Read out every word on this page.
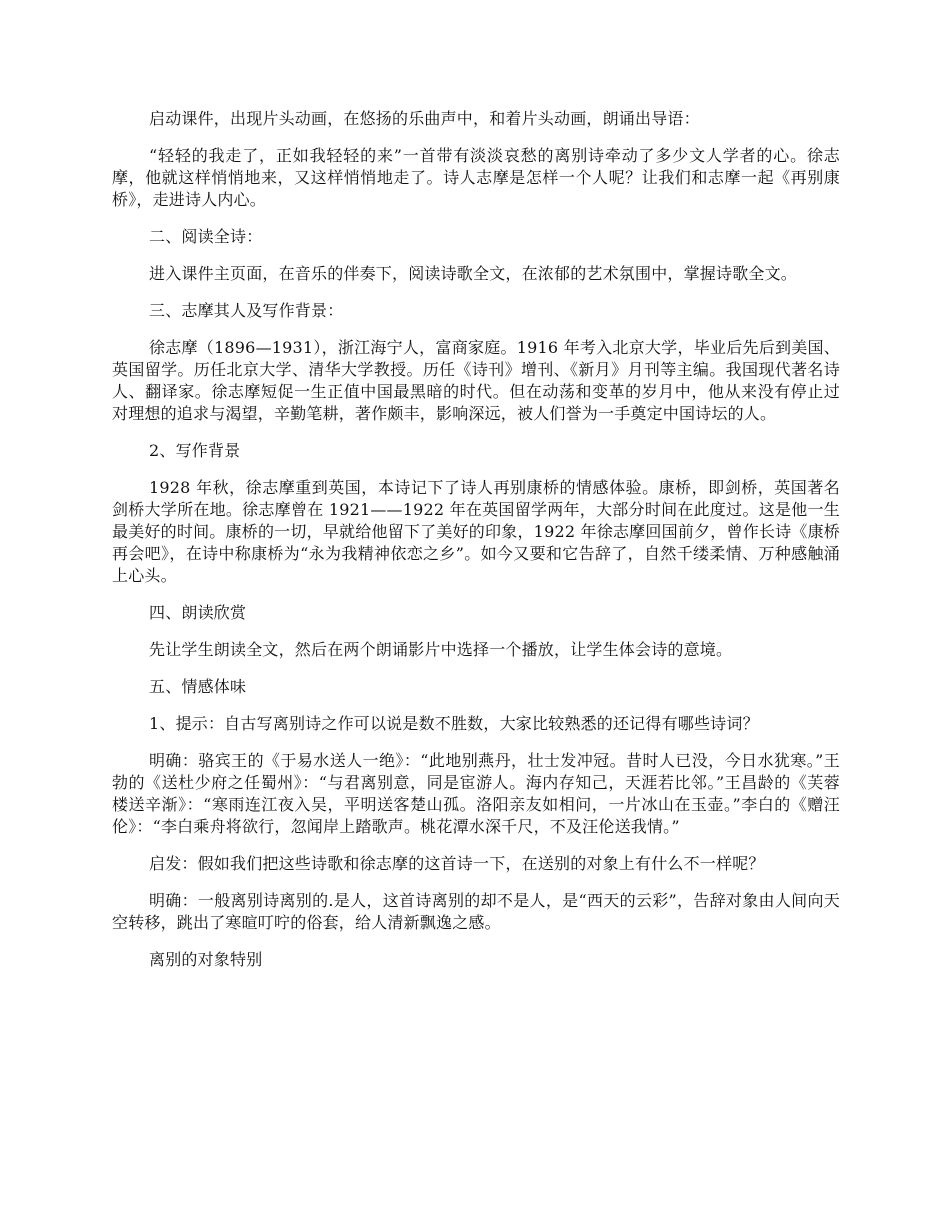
启动课件，出现片头动画，在悠扬的乐曲声中，和着片头动画，朗诵出导语：

“轻轻的我走了，正如我轻轻的来”一首带有淡淡哀愁的离别诗牵动了多少文人学者的心。徐志摩，他就这样悄悄地来，又这样悄悄地走了。诗人志摩是怎样一个人呢？让我们和志摩一起《再别康桥》，走进诗人内心。

二、阅读全诗：

进入课件主页面，在音乐的伴奏下，阅读诗歌全文，在浓郁的艺术氛围中，掌握诗歌全文。

三、志摩其人及写作背景：

徐志摩（1896—1931），浙江海宁人，富商家庭。1916 年考入北京大学，毕业后先后到美国、英国留学。历任北京大学、清华大学教授。历任《诗刊》增刊、《新月》月刊等主编。我国现代著名诗人、翻译家。徐志摩短促一生正值中国最黑暗的时代。但在动荡和变革的岁月中，他从来没有停止过对理想的追求与渴望，辛勤笔耕，著作颇丰，影响深远，被人们誉为一手奠定中国诗坛的人。

2、写作背景

1928 年秋，徐志摩重到英国，本诗记下了诗人再别康桥的情感体验。康桥，即剑桥，英国著名剑桥大学所在地。徐志摩曾在 1921——1922 年在英国留学两年，大部分时间在此度过。这是他一生最美好的时间。康桥的一切，早就给他留下了美好的印象，1922 年徐志摩回国前夕，曾作长诗《康桥再会吧》，在诗中称康桥为“永为我精神依恋之乡”。如今又要和它告辞了，自然千缕柔情、万种感触涌上心头。

四、朗读欣赏

先让学生朗读全文，然后在两个朗诵影片中选择一个播放，让学生体会诗的意境。

五、情感体味

1、提示：自古写离别诗之作可以说是数不胜数，大家比较熟悉的还记得有哪些诗词？

明确：骆宾王的《于易水送人一绝》：“此地别燕丹，壮士发冲冠。昔时人已没，今日水犹寒。”王勃的《送杜少府之任蜀州》：“与君离别意，同是宦游人。海内存知己，天涯若比邻。”王昌龄的《芙蓉楼送辛渐》：“寒雨连江夜入吴，平明送客楚山孤。洛阳亲友如相问，一片冰山在玉壶。”李白的《赠汪伦》：“李白乘舟将欲行，忽闻岸上踏歌声。桃花潭水深千尺，不及汪伦送我情。”

启发：假如我们把这些诗歌和徐志摩的这首诗一下，在送别的对象上有什么不一样呢？

明确：一般离别诗离别的.是人，这首诗离别的却不是人，是“西天的云彩”，告辞对象由人间向天空转移，跳出了寒暄叮咛的俗套，给人清新飘逸之感。

离别的对象特别
